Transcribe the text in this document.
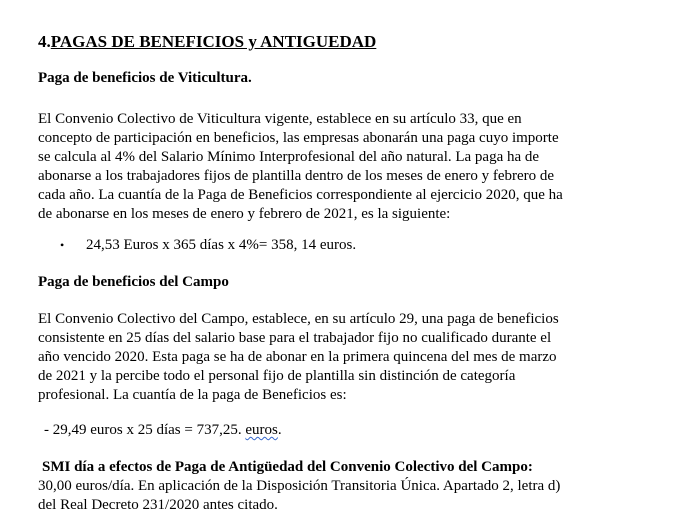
4.PAGAS DE BENEFICIOS y ANTIGUEDAD
Paga de beneficios de Viticultura.
El Convenio Colectivo de Viticultura vigente, establece en su artículo 33, que en
concepto de participación en beneficios, las empresas abonarán una paga cuyo importe
se calcula al 4% del Salario Mínimo Interprofesional del año natural. La paga ha de
abonarse a los trabajadores fijos de plantilla dentro de los meses de enero y febrero de
cada año. La cuantía de la Paga de Beneficios correspondiente al ejercicio 2020, que ha
de abonarse en los meses de enero y febrero de 2021, es la siguiente:
• 24,53 Euros x 365 días x 4%= 358, 14 euros.
Paga de beneficios del Campo
El Convenio Colectivo del Campo, establece, en su artículo 29, una paga de beneficios
consistente en 25 días del salario base para el trabajador fijo no cualificado durante el
año vencido 2020. Esta paga se ha de abonar en la primera quincena del mes de marzo
de 2021 y la percibe todo el personal fijo de plantilla sin distinción de categoría
profesional. La cuantía de la paga de Beneficios es:
- 29,49 euros x 25 días = 737,25. euros.
SMI día a efectos de Paga de Antigüedad del Convenio Colectivo del Campo:
30,00 euros/día. En aplicación de la Disposición Transitoria Única. Apartado 2, letra d)
del Real Decreto 231/2020 antes citado.
